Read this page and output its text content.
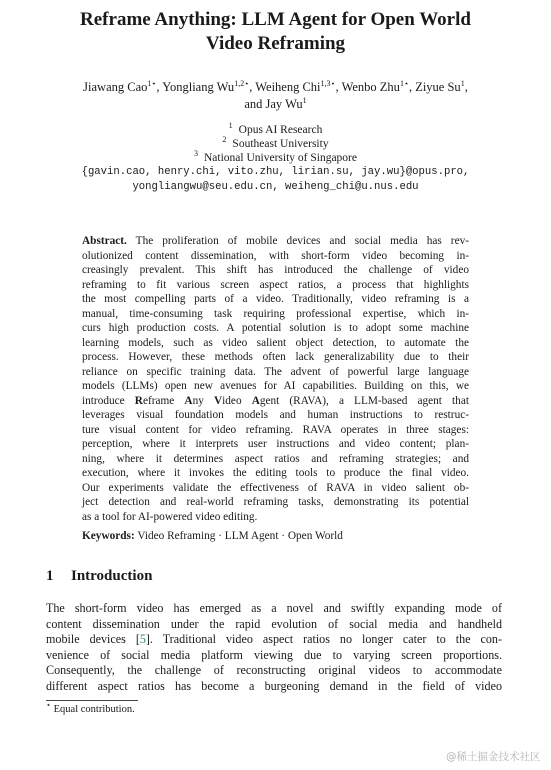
Reframe Anything: LLM Agent for Open World
Video Reframing
Jiawang Cao$^{1⋆}$, Yongliang $Wu^{1,2⋆}$, Weiheng Chi$^{1,3⋆}$, Wenbo Zhu$^{1⋆}$, Ziyue Su$^1$,
and Jay Wu$^1$
$^1$ Opus AI Research
$^2$ Southeast University
$^3$ National University of Singapore
{gavin.cao, henry.chi, vito.zhu, lirian.su, jay.wu}@opus.pro,
yongliangwu@seu.edu.cn, weiheng_chi@u.nus.edu
Abstract. The proliferation of mobile devices and social media has rev-
olutionized content dissemination, with short-form video becoming in-
creasingly prevalent. This shift has introduced the challenge of video
reframing to fit various screen aspect ratios, a process that highlights
the most compelling parts of a video. Traditionally, video reframing is a
manual, time-consuming task requiring professional expertise, which in-
curs high production costs. A potential solution is to adopt some machine
learning models, such as video salient object detection, to automate the
process. However, these methods often lack generalizability due to their
reliance on specific training data. The advent of powerful large language
models (LLMs) open new avenues for AI capabilities. Building on this, we
introduce Reframe Any Video Agent (RAVA), a LLM-based agent that
leverages visual foundation models and human instructions to restruc-
ture visual content for video reframing. RAVA operates in three stages:
perception, where it interprets user instructions and video content; plan-
ning, where it determines aspect ratios and reframing strategies; and
execution, where it invokes the editing tools to produce the final video.
Our experiments validate the effectiveness of RAVA in video salient ob-
ject detection and real-world reframing tasks, demonstrating its potential
as a tool for AI-powered video editing.
Keywords: Video Reframing · LLM Agent · Open World
1 Introduction
The short-form video has emerged as a novel and swiftly expanding mode of
content dissemination under the rapid evolution of social media and handheld
mobile devices [5]. Traditional video aspect ratios no longer cater to the con-
venience of social media platform viewing due to varying screen proportions.
Consequently, the challenge of reconstructing original videos to accommodate
different aspect ratios has become a burgeoning demand in the field of video
⋆ Equal contribution.
@稀土掘金技术社区
